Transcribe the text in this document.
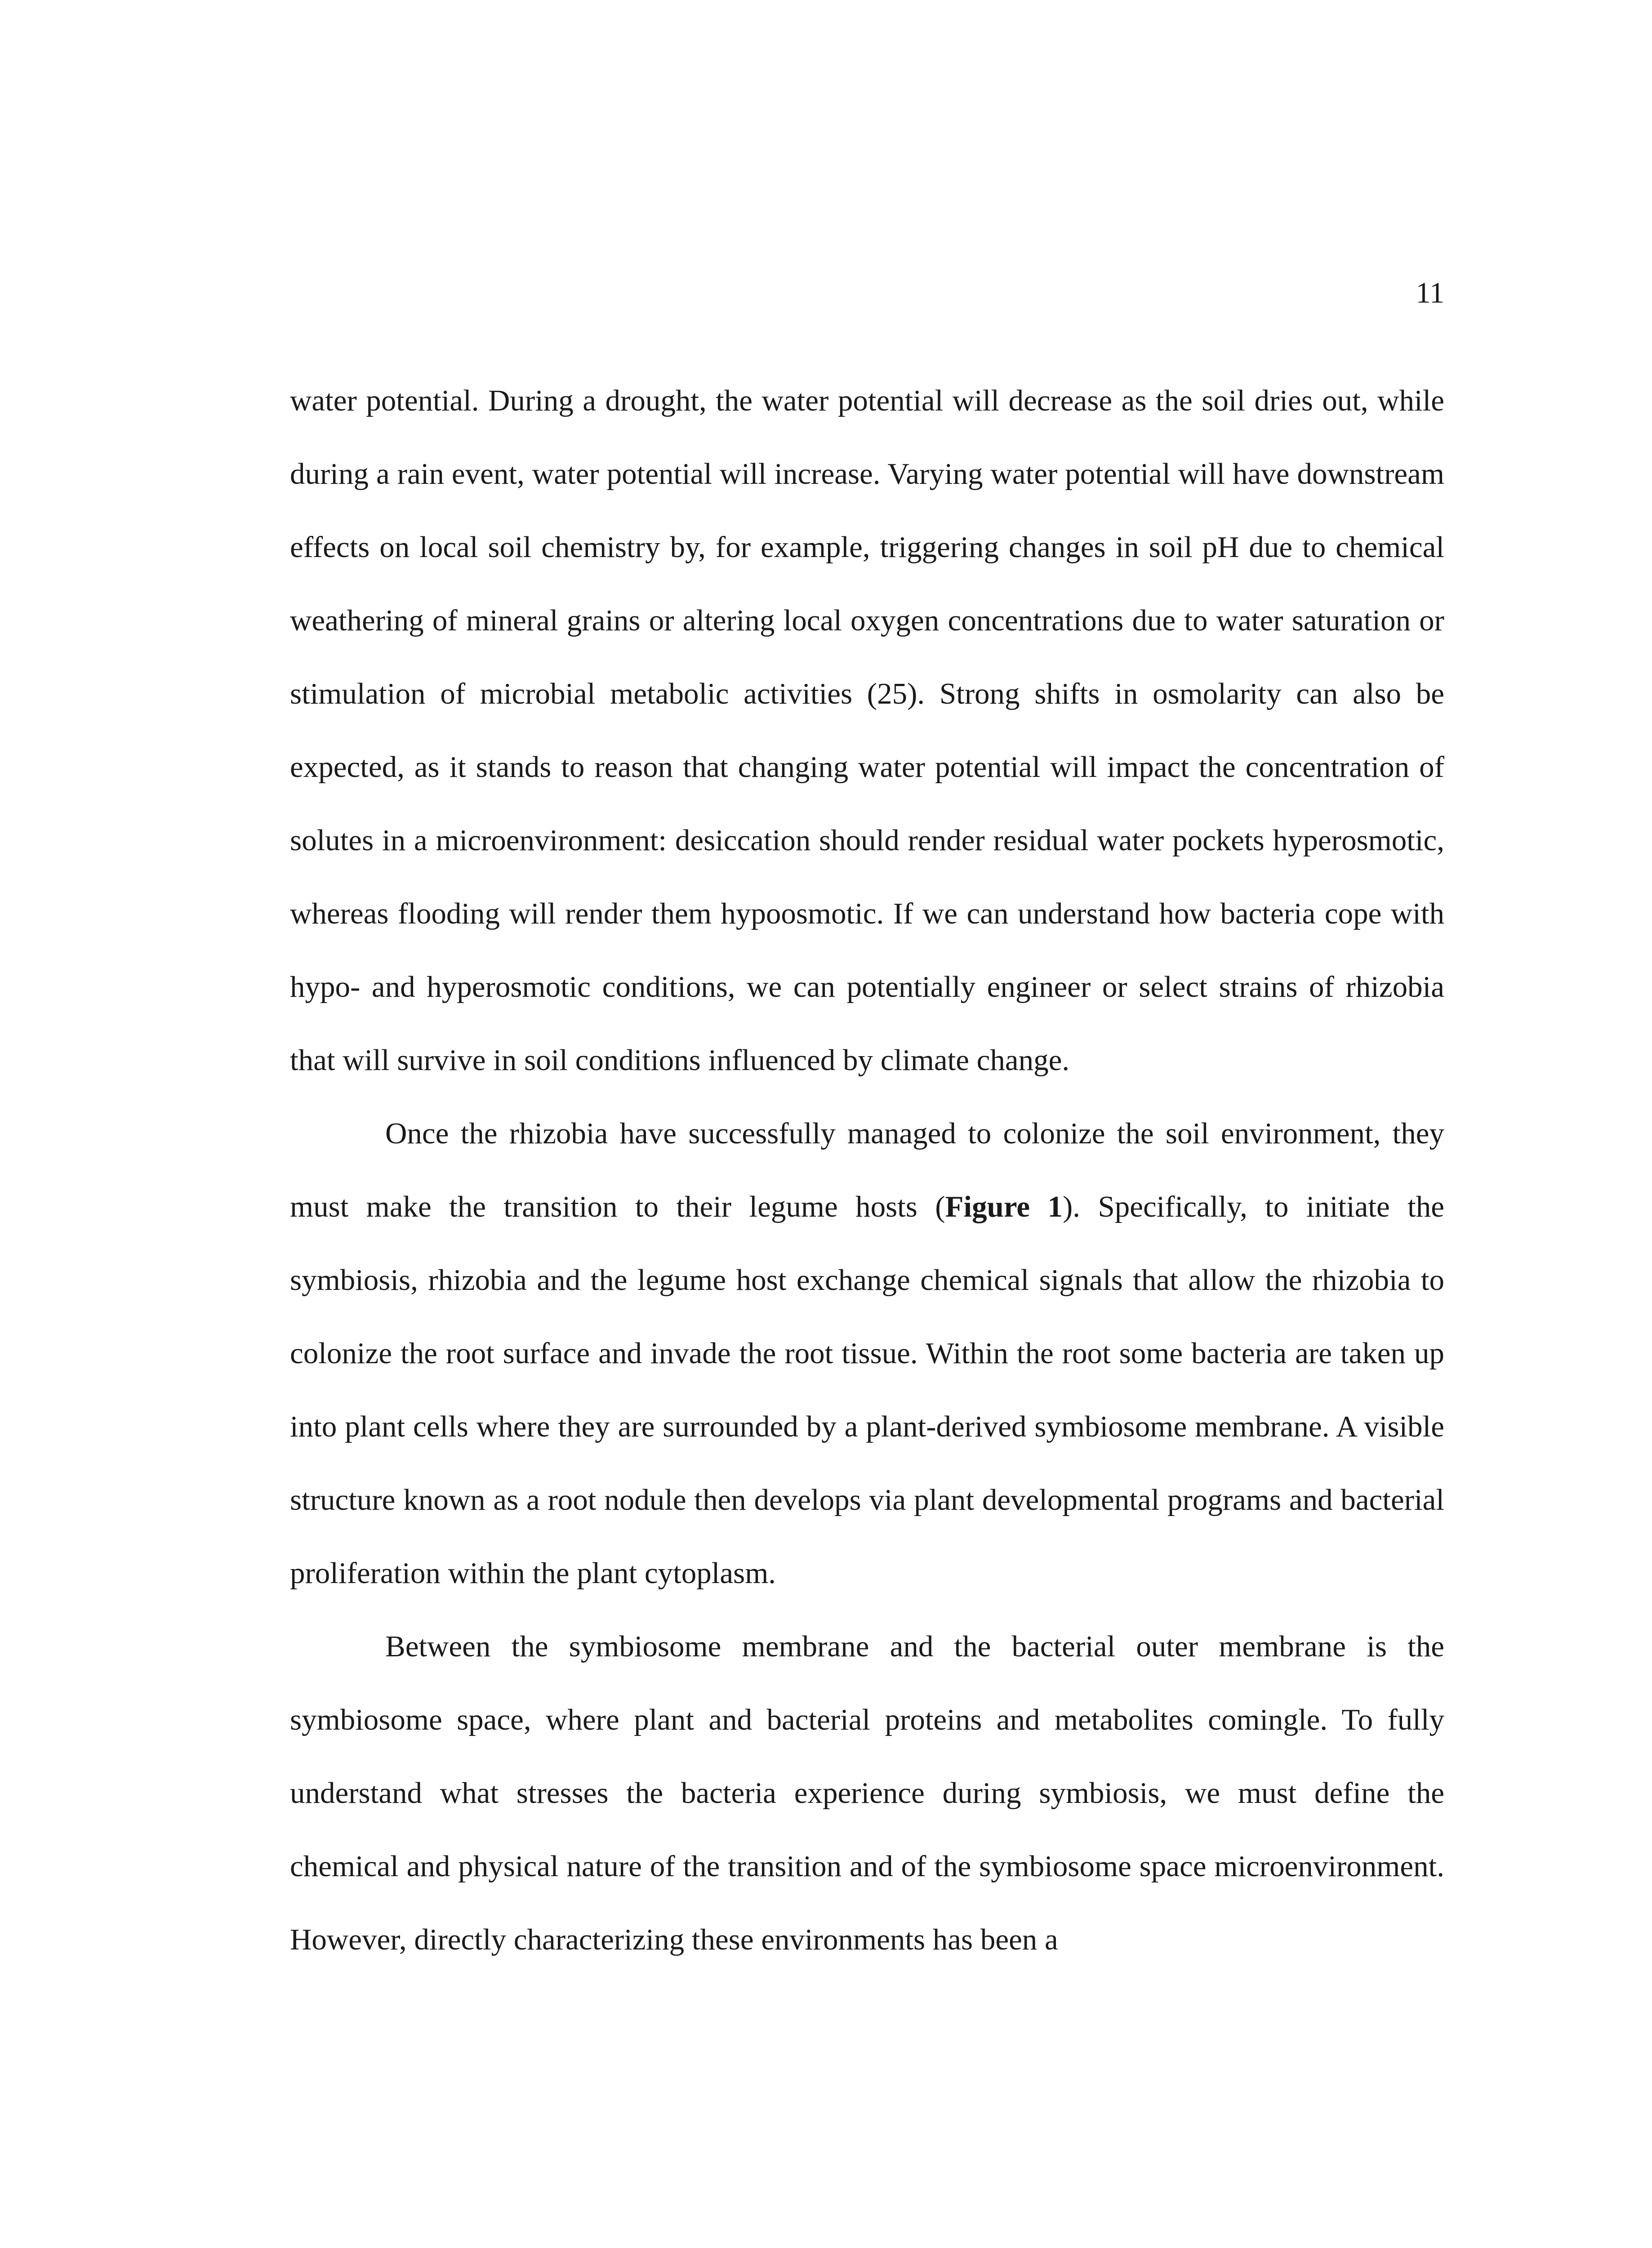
11

water potential. During a drought, the water potential will decrease as the soil dries out, while during a rain event, water potential will increase. Varying water potential will have downstream effects on local soil chemistry by, for example, triggering changes in soil pH due to chemical weathering of mineral grains or altering local oxygen concentrations due to water saturation or stimulation of microbial metabolic activities (25). Strong shifts in osmolarity can also be expected, as it stands to reason that changing water potential will impact the concentration of solutes in a microenvironment: desiccation should render residual water pockets hyperosmotic, whereas flooding will render them hypoosmotic. If we can understand how bacteria cope with hypo- and hyperosmotic conditions, we can potentially engineer or select strains of rhizobia that will survive in soil conditions influenced by climate change.

Once the rhizobia have successfully managed to colonize the soil environment, they must make the transition to their legume hosts (Figure 1). Specifically, to initiate the symbiosis, rhizobia and the legume host exchange chemical signals that allow the rhizobia to colonize the root surface and invade the root tissue. Within the root some bacteria are taken up into plant cells where they are surrounded by a plant-derived symbiosome membrane. A visible structure known as a root nodule then develops via plant developmental programs and bacterial proliferation within the plant cytoplasm.

Between the symbiosome membrane and the bacterial outer membrane is the symbiosome space, where plant and bacterial proteins and metabolites comingle. To fully understand what stresses the bacteria experience during symbiosis, we must define the chemical and physical nature of the transition and of the symbiosome space microenvironment. However, directly characterizing these environments has been a
